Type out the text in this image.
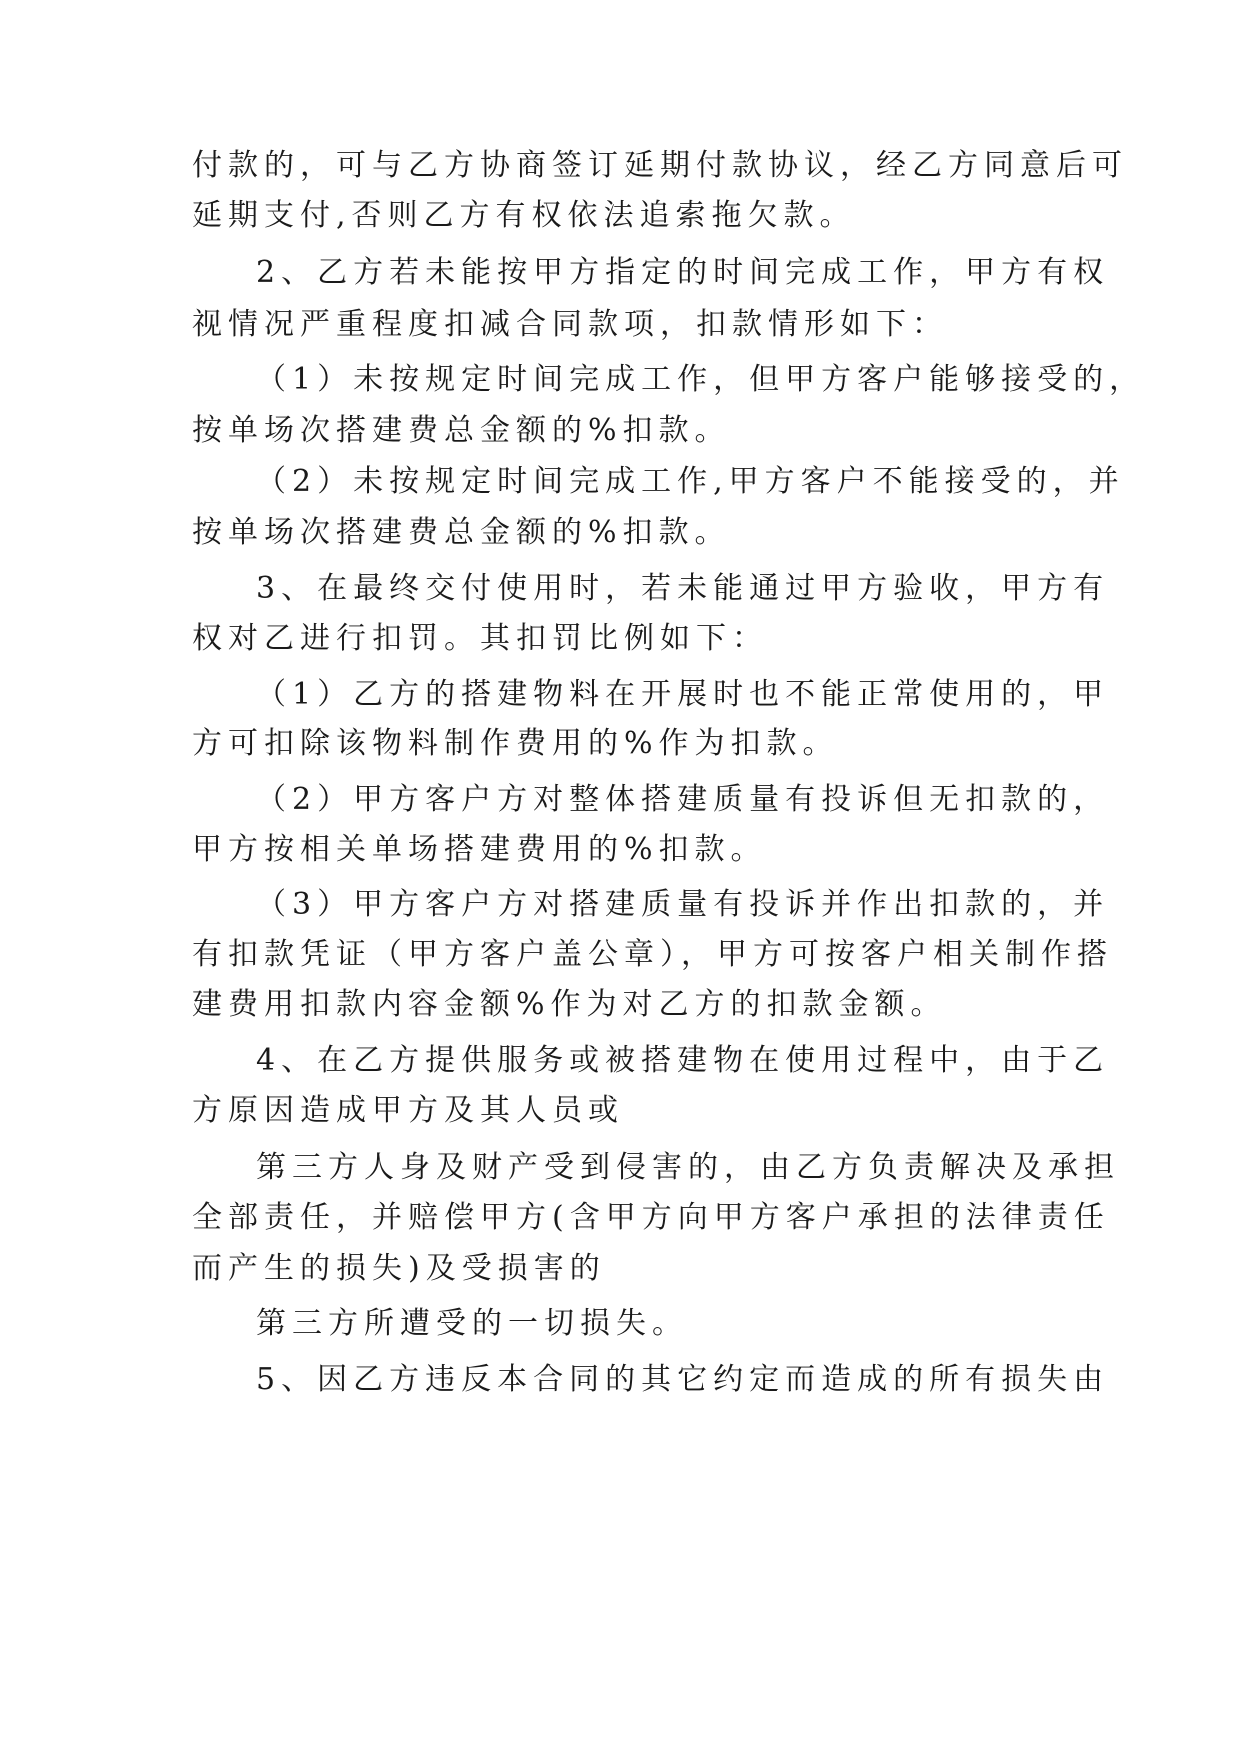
付款的，可与乙方协商签订延期付款协议，经乙方同意后可
延期支付,否则乙方有权依法追索拖欠款。
2、乙方若未能按甲方指定的时间完成工作，甲方有权
视情况严重程度扣减合同款项，扣款情形如下：
（1）未按规定时间完成工作，但甲方客户能够接受的，
按单场次搭建费总金额的%扣款。
（2）未按规定时间完成工作,甲方客户不能接受的，并
按单场次搭建费总金额的%扣款。
3、在最终交付使用时，若未能通过甲方验收，甲方有
权对乙进行扣罚。其扣罚比例如下：
（1）乙方的搭建物料在开展时也不能正常使用的，甲
方可扣除该物料制作费用的%作为扣款。
（2）甲方客户方对整体搭建质量有投诉但无扣款的，
甲方按相关单场搭建费用的%扣款。
（3）甲方客户方对搭建质量有投诉并作出扣款的，并
有扣款凭证（甲方客户盖公章），甲方可按客户相关制作搭
建费用扣款内容金额%作为对乙方的扣款金额。
4、在乙方提供服务或被搭建物在使用过程中，由于乙
方原因造成甲方及其人员或
第三方人身及财产受到侵害的，由乙方负责解决及承担
全部责任，并赔偿甲方(含甲方向甲方客户承担的法律责任
而产生的损失)及受损害的
第三方所遭受的一切损失。
5、因乙方违反本合同的其它约定而造成的所有损失由
